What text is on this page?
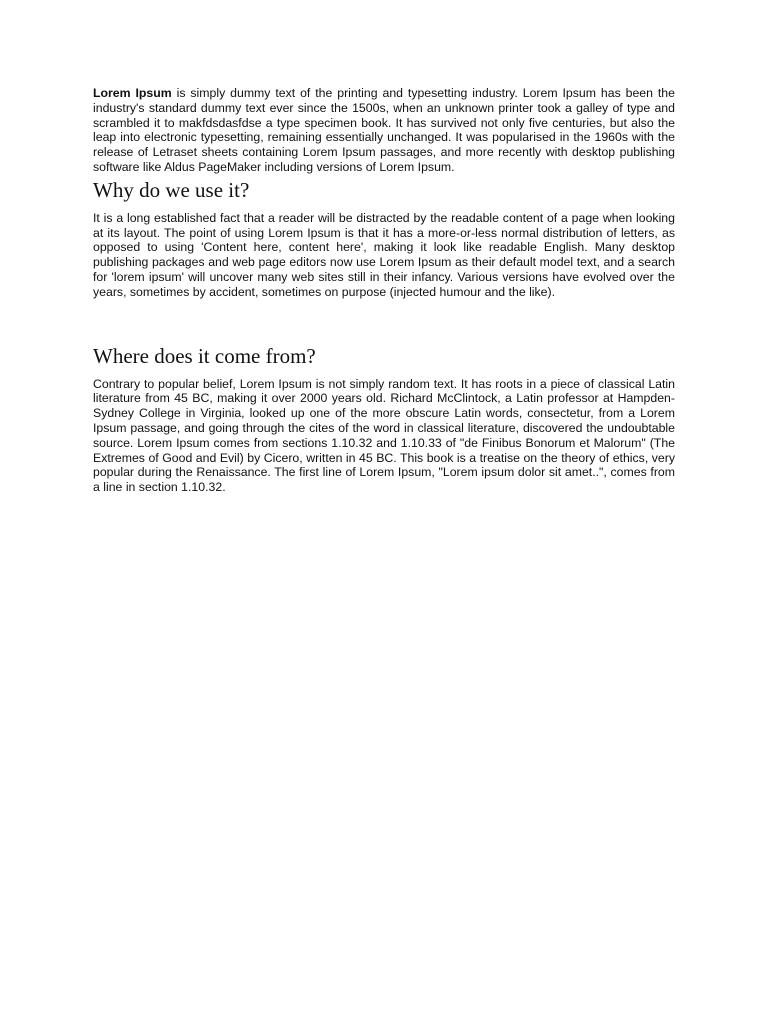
Lorem Ipsum is simply dummy text of the printing and typesetting industry. Lorem Ipsum has been the industry's standard dummy text ever since the 1500s, when an unknown printer took a galley of type and scrambled it to makfdsdasfdse a type specimen book. It has survived not only five centuries, but also the leap into electronic typesetting, remaining essentially unchanged. It was popularised in the 1960s with the release of Letraset sheets containing Lorem Ipsum passages, and more recently with desktop publishing software like Aldus PageMaker including versions of Lorem Ipsum.

Why do we use it?

It is a long established fact that a reader will be distracted by the readable content of a page when looking at its layout. The point of using Lorem Ipsum is that it has a more-or-less normal distribution of letters, as opposed to using 'Content here, content here', making it look like readable English. Many desktop publishing packages and web page editors now use Lorem Ipsum as their default model text, and a search for 'lorem ipsum' will uncover many web sites still in their infancy. Various versions have evolved over the years, sometimes by accident, sometimes on purpose (injected humour and the like).

Where does it come from?

Contrary to popular belief, Lorem Ipsum is not simply random text. It has roots in a piece of classical Latin literature from 45 BC, making it over 2000 years old. Richard McClintock, a Latin professor at Hampden-Sydney College in Virginia, looked up one of the more obscure Latin words, consectetur, from a Lorem Ipsum passage, and going through the cites of the word in classical literature, discovered the undoubtable source. Lorem Ipsum comes from sections 1.10.32 and 1.10.33 of "de Finibus Bonorum et Malorum" (The Extremes of Good and Evil) by Cicero, written in 45 BC. This book is a treatise on the theory of ethics, very popular during the Renaissance. The first line of Lorem Ipsum, "Lorem ipsum dolor sit amet..", comes from a line in section 1.10.32.
